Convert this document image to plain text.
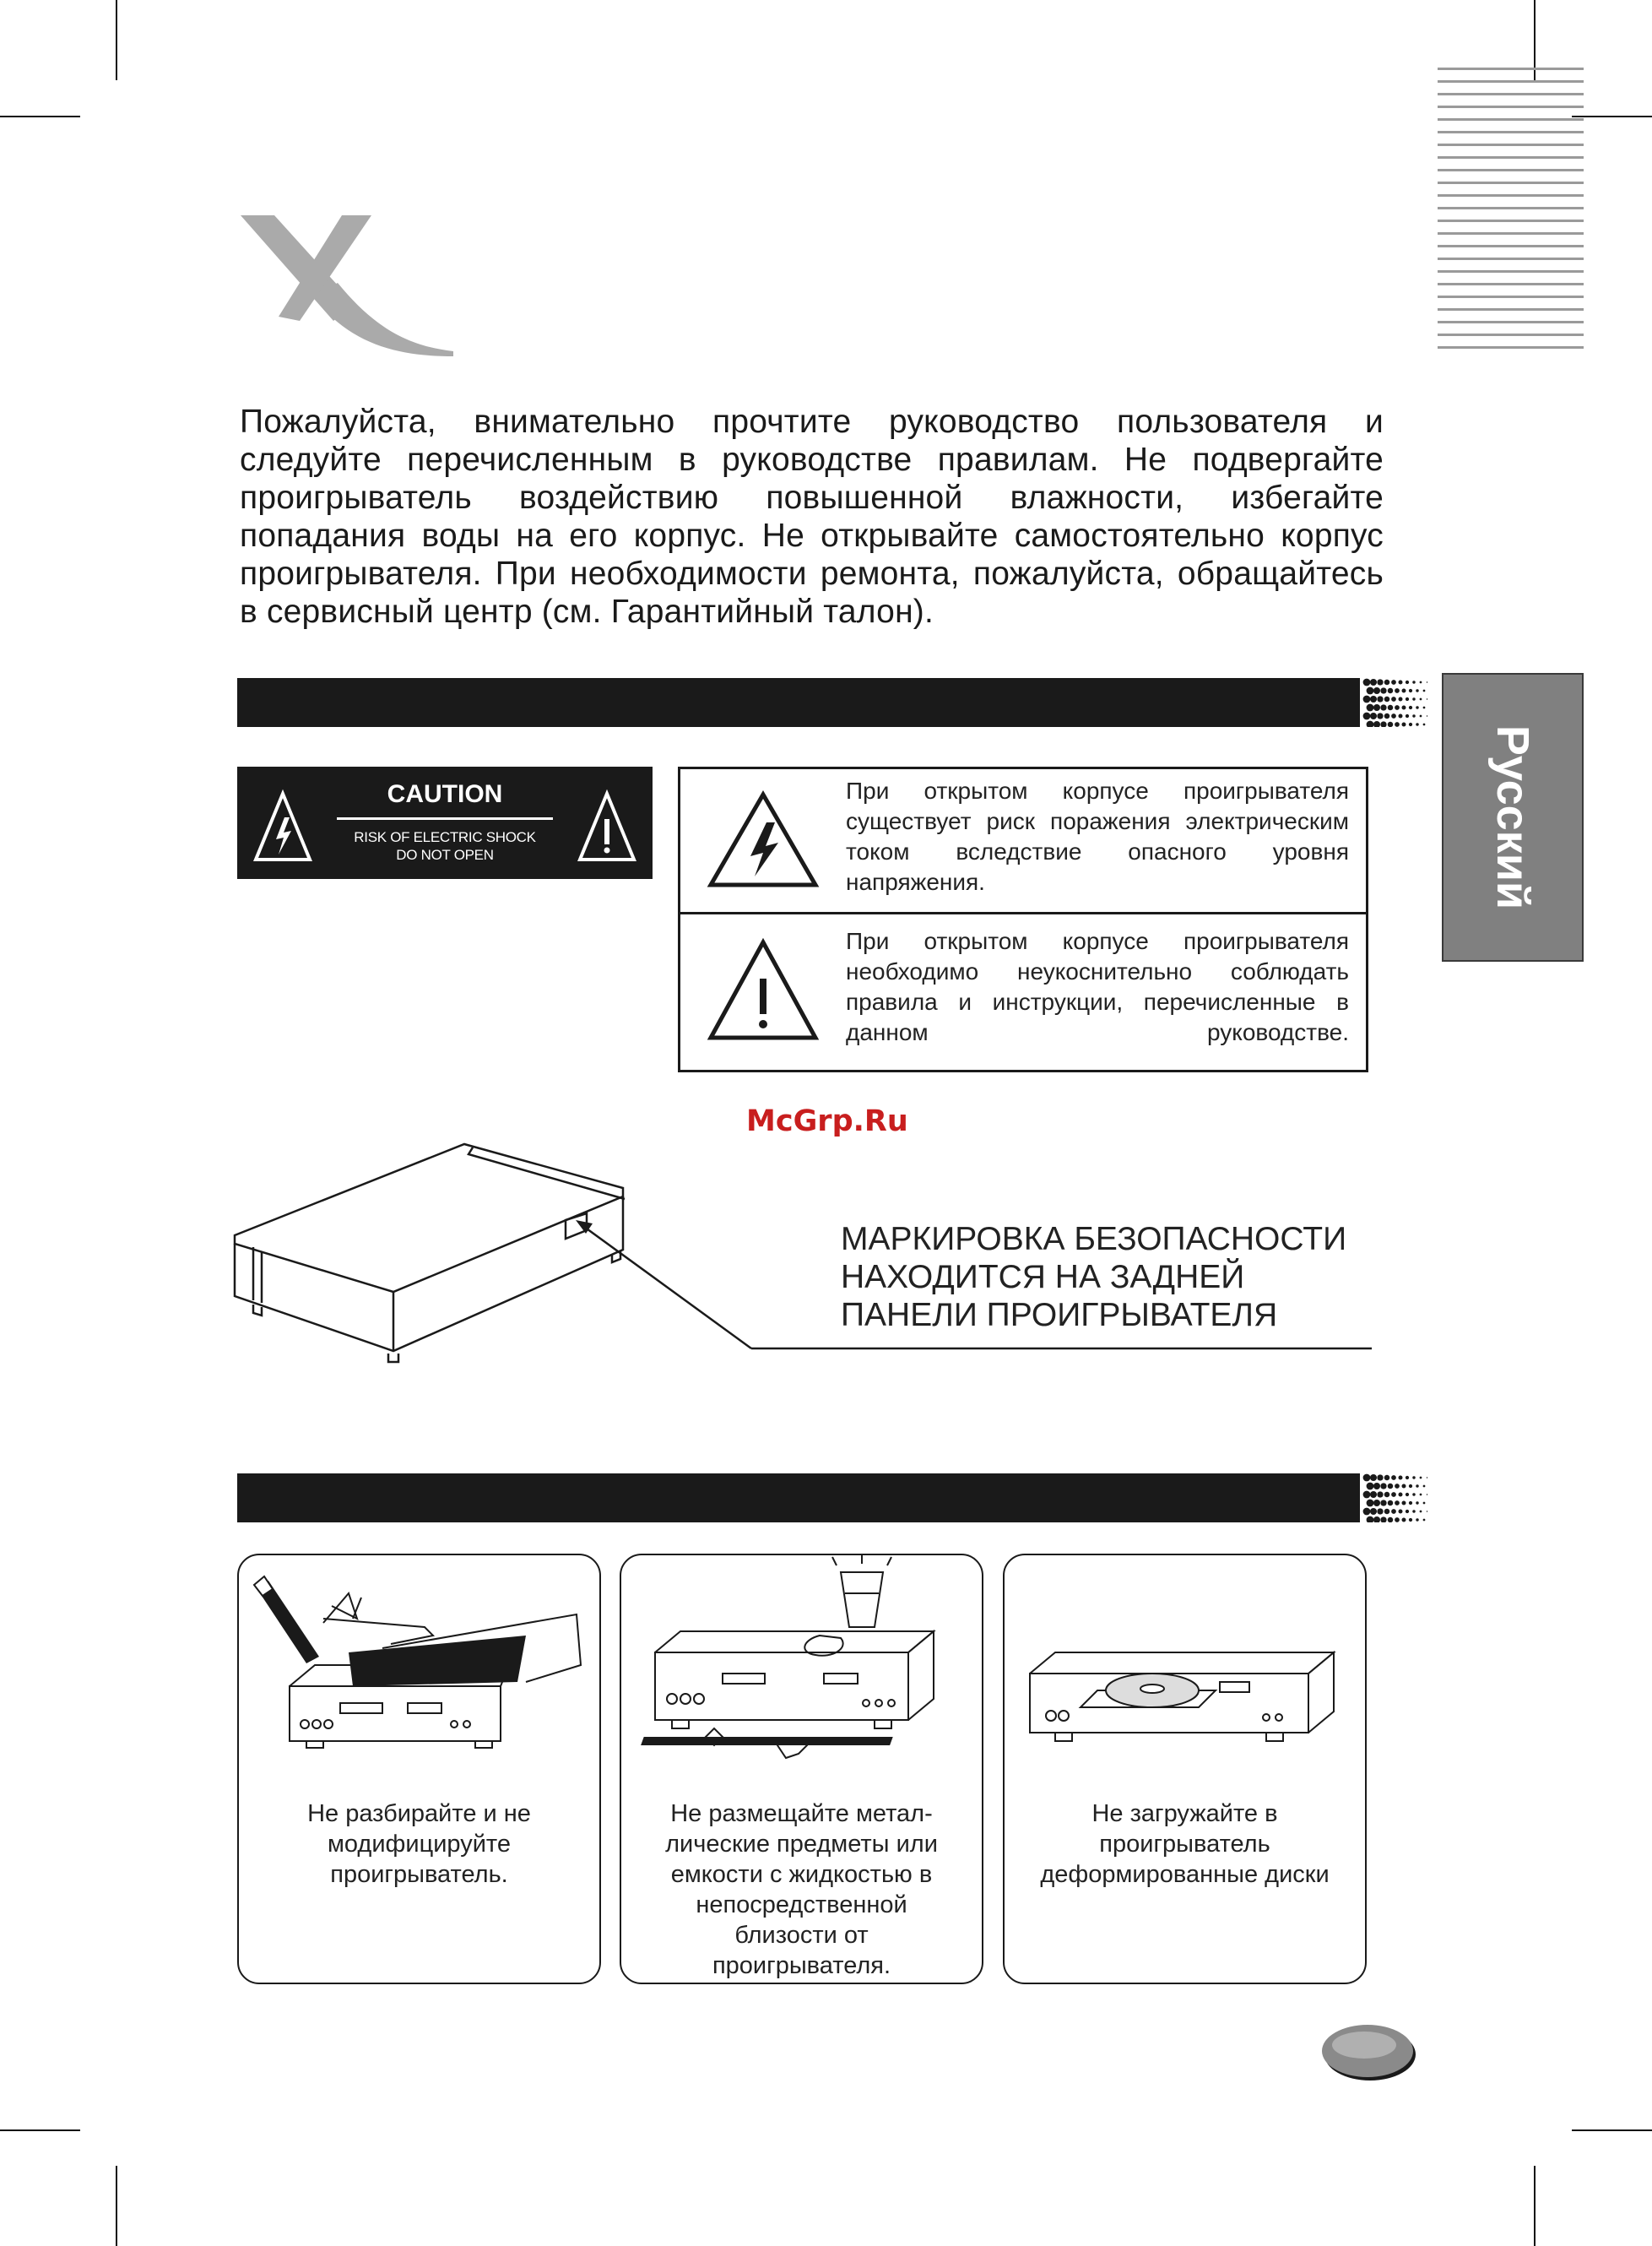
Пожалуйста, внимательно прочтите руководство пользователя и следуйте перечисленным в руководстве правилам. Не подвергайте проигрыватель воздействию повышенной влажности, избегайте попадания воды на его корпус. Не открывайте самостоятельно корпус проигрывателя. При необходимости ремонта, пожалуйста, обращайтесь в сервисный центр (см. Гарантийный талон).

Русский
CAUTION
RISK OF ELECTRIC SHOCK
DO NOT OPEN

При открытом корпусе проигрывателя существует риск поражения электрическим током вследствие опасного уровня напряжения.

При открытом корпусе проигрывателя необходимо неукоснительно соблюдать правила и инструкции, перечисленные в данном руководстве.

McGrp.Ru
МАРКИРОВКА БЕЗОПАСНОСТИ
НАХОДИТСЯ НА ЗАДНЕЙ
ПАНЕЛИ ПРОИГРЫВАТЕЛЯ
Не разбирайте и не
модифицируйте
проигрыватель.
Не размещайте метал-
лические предметы или
емкости с жидкостью в
непосредственной
близости от
проигрывателя.
Не загружайте в
проигрыватель
деформированные диски
